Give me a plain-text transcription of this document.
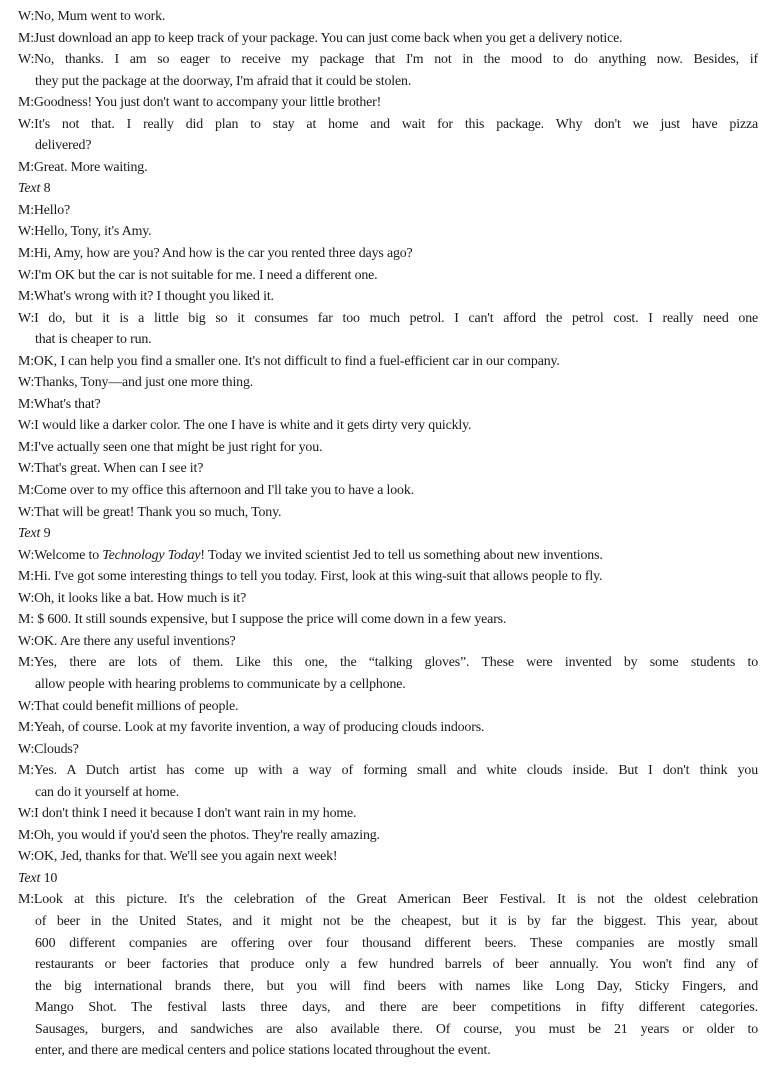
W:No, Mum went to work.
M:Just download an app to keep track of your package. You can just come back when you get a delivery notice.
W:No, thanks. I am so eager to receive my package that I'm not in the mood to do anything now. Besides, if
they put the package at the doorway, I'm afraid that it could be stolen.
M:Goodness! You just don't want to accompany your little brother!
W:It's not that. I really did plan to stay at home and wait for this package. Why don't we just have pizza
delivered?
M:Great. More waiting.
Text 8
M:Hello?
W:Hello, Tony, it's Amy.
M:Hi, Amy, how are you? And how is the car you rented three days ago?
W:I'm OK but the car is not suitable for me. I need a different one.
M:What's wrong with it? I thought you liked it.
W:I do, but it is a little big so it consumes far too much petrol. I can't afford the petrol cost. I really need one
that is cheaper to run.
M:OK, I can help you find a smaller one. It's not difficult to find a fuel-efficient car in our company.
W:Thanks, Tony—and just one more thing.
M:What's that?
W:I would like a darker color. The one I have is white and it gets dirty very quickly.
M:I've actually seen one that might be just right for you.
W:That's great. When can I see it?
M:Come over to my office this afternoon and I'll take you to have a look.
W:That will be great! Thank you so much, Tony.
Text 9
W:Welcome to Technology Today! Today we invited scientist Jed to tell us something about new inventions.
M:Hi. I've got some interesting things to tell you today. First, look at this wing-suit that allows people to fly.
W:Oh, it looks like a bat. How much is it?
M: $ 600. It still sounds expensive, but I suppose the price will come down in a few years.
W:OK. Are there any useful inventions?
M:Yes, there are lots of them. Like this one, the “talking gloves”. These were invented by some students to
allow people with hearing problems to communicate by a cellphone.
W:That could benefit millions of people.
M:Yeah, of course. Look at my favorite invention, a way of producing clouds indoors.
W:Clouds?
M:Yes. A Dutch artist has come up with a way of forming small and white clouds inside. But I don't think you
can do it yourself at home.
W:I don't think I need it because I don't want rain in my home.
M:Oh, you would if you'd seen the photos. They're really amazing.
W:OK, Jed, thanks for that. We'll see you again next week!
Text 10
M:Look at this picture. It's the celebration of the Great American Beer Festival. It is not the oldest celebration
of beer in the United States, and it might not be the cheapest, but it is by far the biggest. This year, about
600 different companies are offering over four thousand different beers. These companies are mostly small
restaurants or beer factories that produce only a few hundred barrels of beer annually. You won't find any of
the big international brands there, but you will find beers with names like Long Day, Sticky Fingers, and
Mango Shot. The festival lasts three days, and there are beer competitions in fifty different categories.
Sausages, burgers, and sandwiches are also available there. Of course, you must be 21 years or older to
enter, and there are medical centers and police stations located throughout the event.
